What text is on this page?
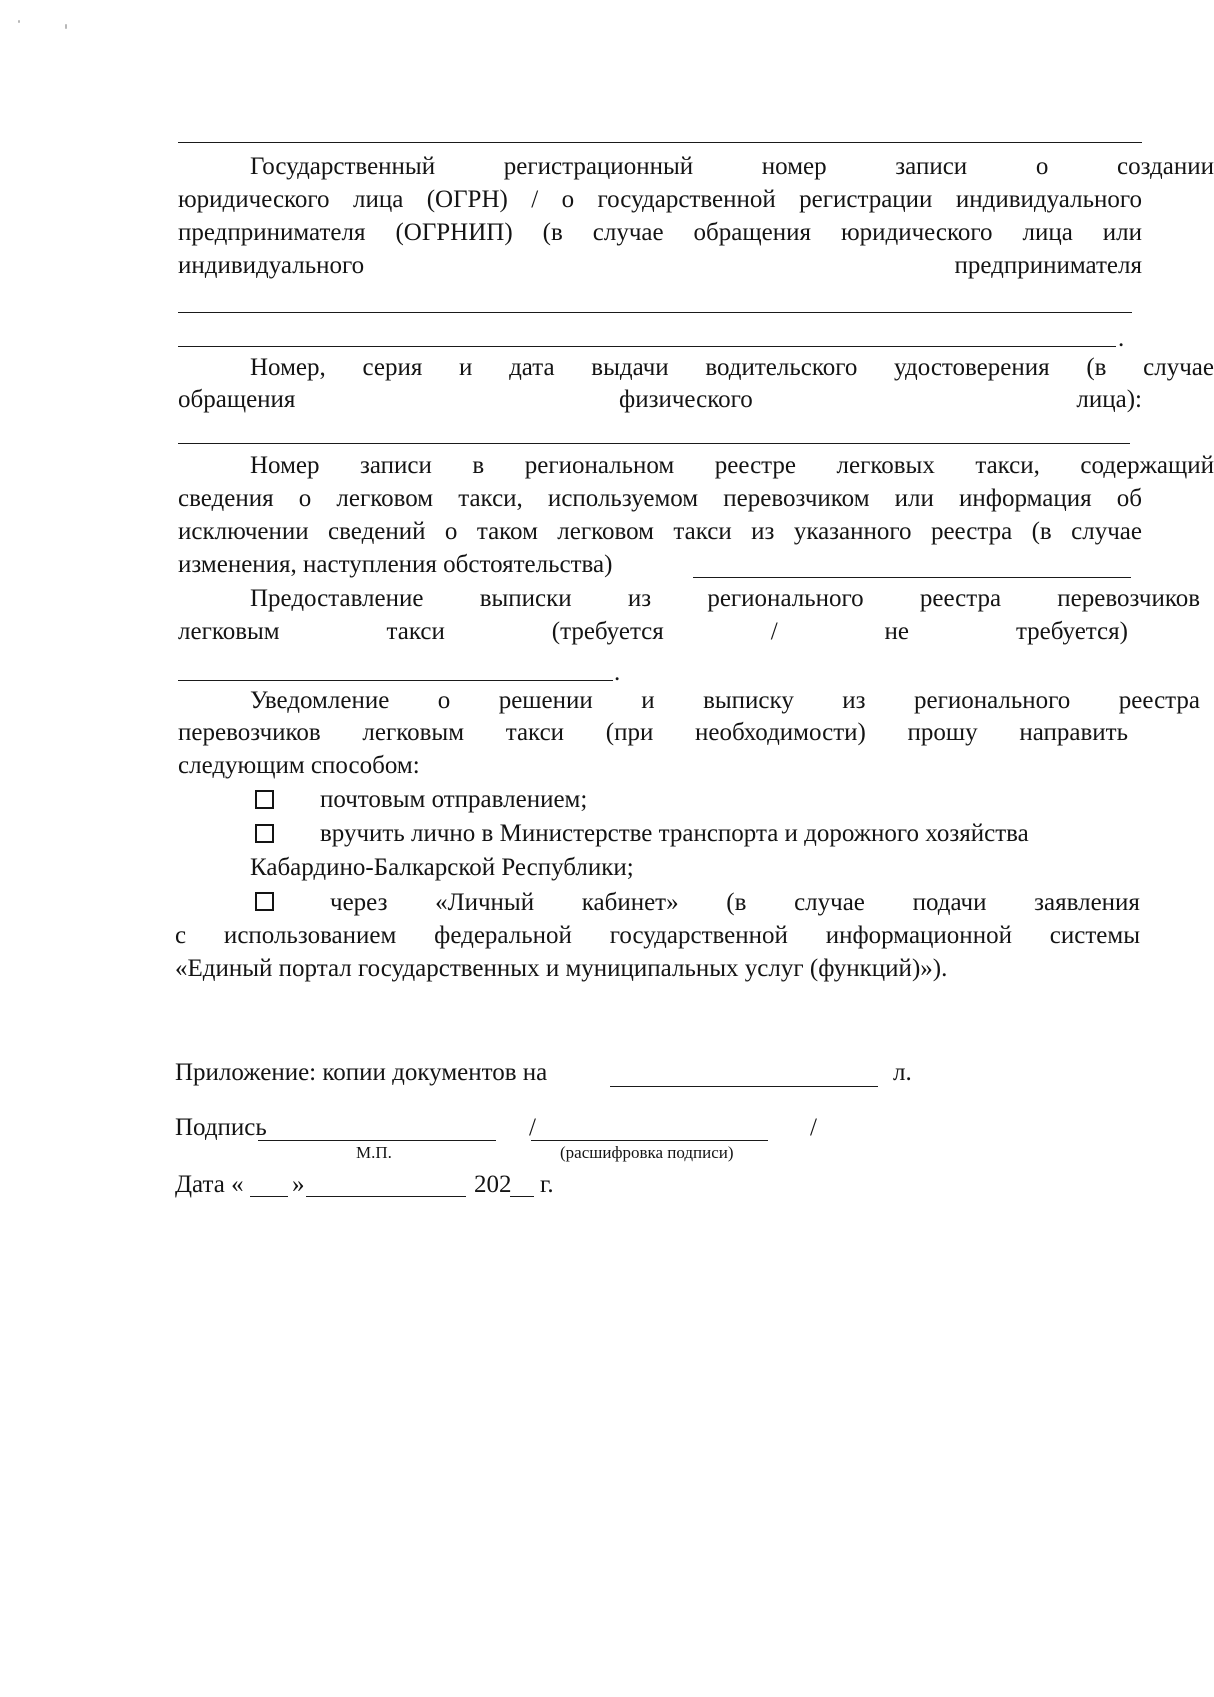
Государственный	регистрационный	номер	записи	о	создании
юридического лица (ОГРН) / о государственной регистрации индивидуального
предпринимателя (ОГРНИП) (в случае обращения юридического лица или
индивидуального	предпринимателя
.
Номер, серия и дата выдачи водительского удостоверения (в случае
обращения	физического	лица):
Номер записи в региональном реестре легковых такси, содержащий
сведения о легковом такси, используемом перевозчиком или информация об
исключении сведений о таком легковом такси из указанного реестра (в случае
изменения, наступления обстоятельства)
Предоставление выписки из регионального реестра перевозчиков
легковым	такси	(требуется	/	не	требуется)
.
Уведомление о решении и выписку из регионального реестра
перевозчиков легковым такси (при необходимости) прошу направить
следующим способом:
почтовым отправлением;
вручить лично в Министерстве транспорта и дорожного хозяйства
Кабардино-Балкарской Республики;
через «Личный кабинет» (в случае подачи заявления
с использованием федеральной государственной информационной системы
«Единый портал государственных и муниципальных услуг (функций)»).
Приложение: копии документов на	л.
Подпись	/	/
М.П.	(расшифровка подписи)
Дата « »	202 г.
